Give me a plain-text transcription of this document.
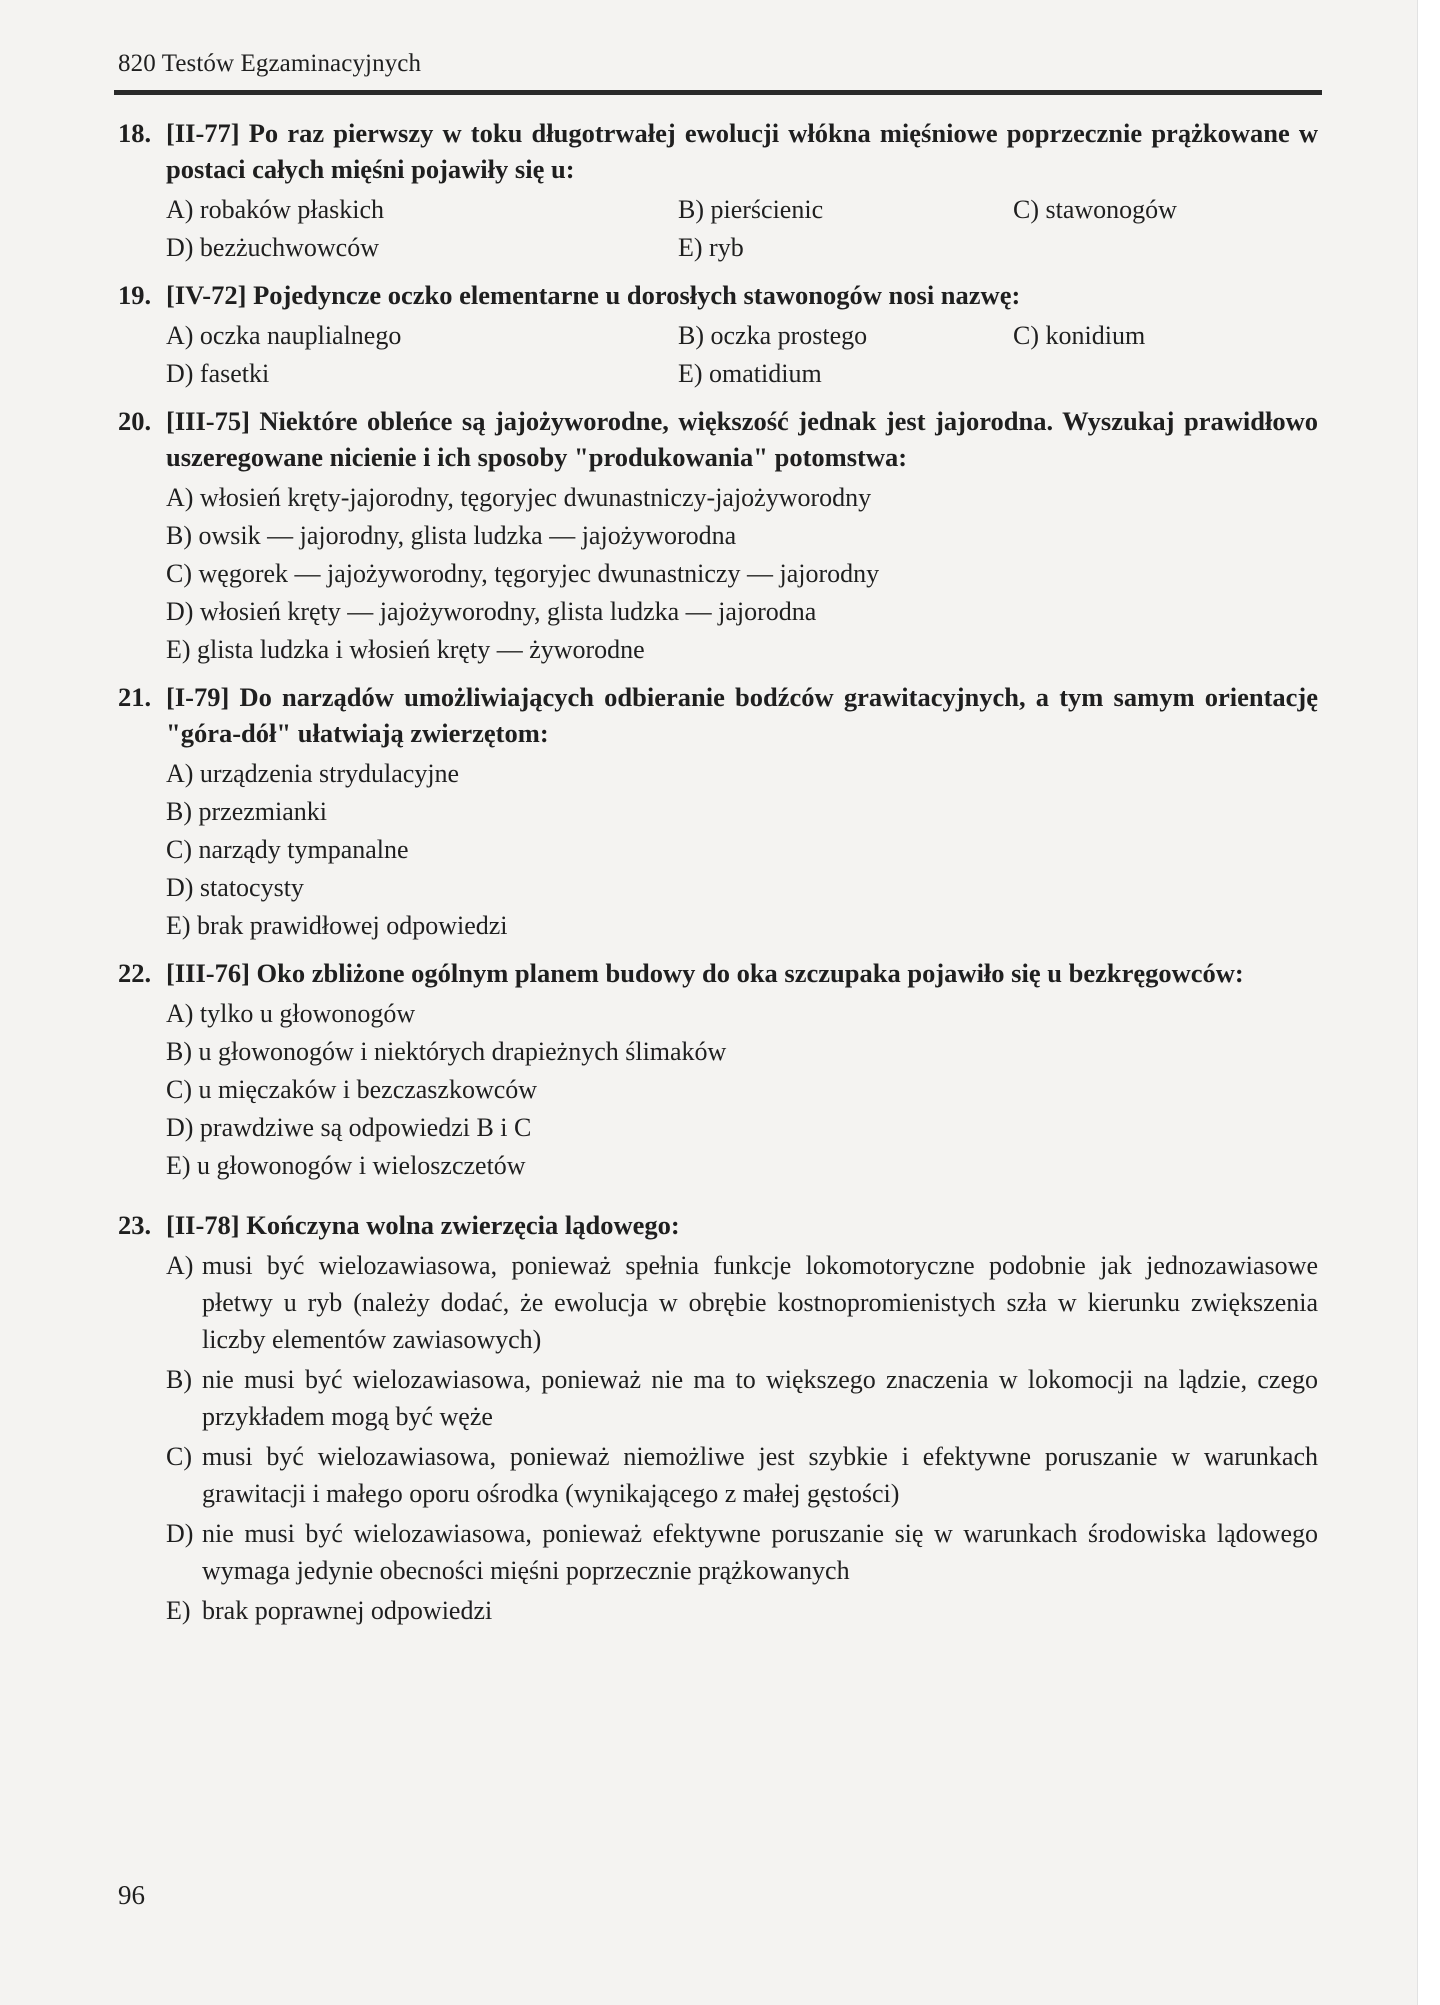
820 Testów Egzaminacyjnych
18. [II-77] Po raz pierwszy w toku długotrwałej ewolucji włókna mięśniowe poprzecznie prążkowane w postaci całych mięśni pojawiły się u:
A) robaków płaskich	B) pierścienic	C) stawonogów
D) bezżuchwowców	E) ryb
19. [IV-72] Pojedyncze oczko elementarne u dorosłych stawonogów nosi nazwę:
A) oczka nauplialnego	B) oczka prostego	C) konidium
D) fasetki	E) omatidium
20. [III-75] Niektóre obleńce są jajożyworodne, większość jednak jest jajorodna. Wyszukaj prawidłowo uszeregowane nicienie i ich sposoby "produkowania" potomstwa:
A) włosień kręty-jajorodny, tęgoryjec dwunastniczy-jajożyworodny
B) owsik — jajorodny, glista ludzka — jajożyworodna
C) węgorek — jajożyworodny, tęgoryjec dwunastniczy — jajorodny
D) włosień kręty — jajożyworodny, glista ludzka — jajorodna
E) glista ludzka i włosień kręty — żyworodne
21. [I-79] Do narządów umożliwiających odbieranie bodźców grawitacyjnych, a tym samym orientację "góra-dół" ułatwiają zwierzętom:
A) urządzenia strydulacyjne
B) przezmianki
C) narządy tympanalne
D) statocysty
E) brak prawidłowej odpowiedzi
22. [III-76] Oko zbliżone ogólnym planem budowy do oka szczupaka pojawiło się u bezkręgowców:
A) tylko u głowonogów
B) u głowonogów i niektórych drapieżnych ślimaków
C) u mięczaków i bezczaszkowców
D) prawdziwe są odpowiedzi B i C
E) u głowonogów i wieloszczetów
23. [II-78] Kończyna wolna zwierzęcia lądowego:
A) musi być wielozawiasowa, ponieważ spełnia funkcje lokomotoryczne podobnie jak jednozawiasowe płetwy u ryb (należy dodać, że ewolucja w obrębie kostnopromienistych szła w kierunku zwiększenia liczby elementów zawiasowych)
B) nie musi być wielozawiasowa, ponieważ nie ma to większego znaczenia w lokomocji na lądzie, czego przykładem mogą być węże
C) musi być wielozawiasowa, ponieważ niemożliwe jest szybkie i efektywne poruszanie w warunkach grawitacji i małego oporu ośrodka (wynikającego z małej gęstości)
D) nie musi być wielozawiasowa, ponieważ efektywne poruszanie się w warunkach środowiska lądowego wymaga jedynie obecności mięśni poprzecznie prążkowanych
E) brak poprawnej odpowiedzi
96
